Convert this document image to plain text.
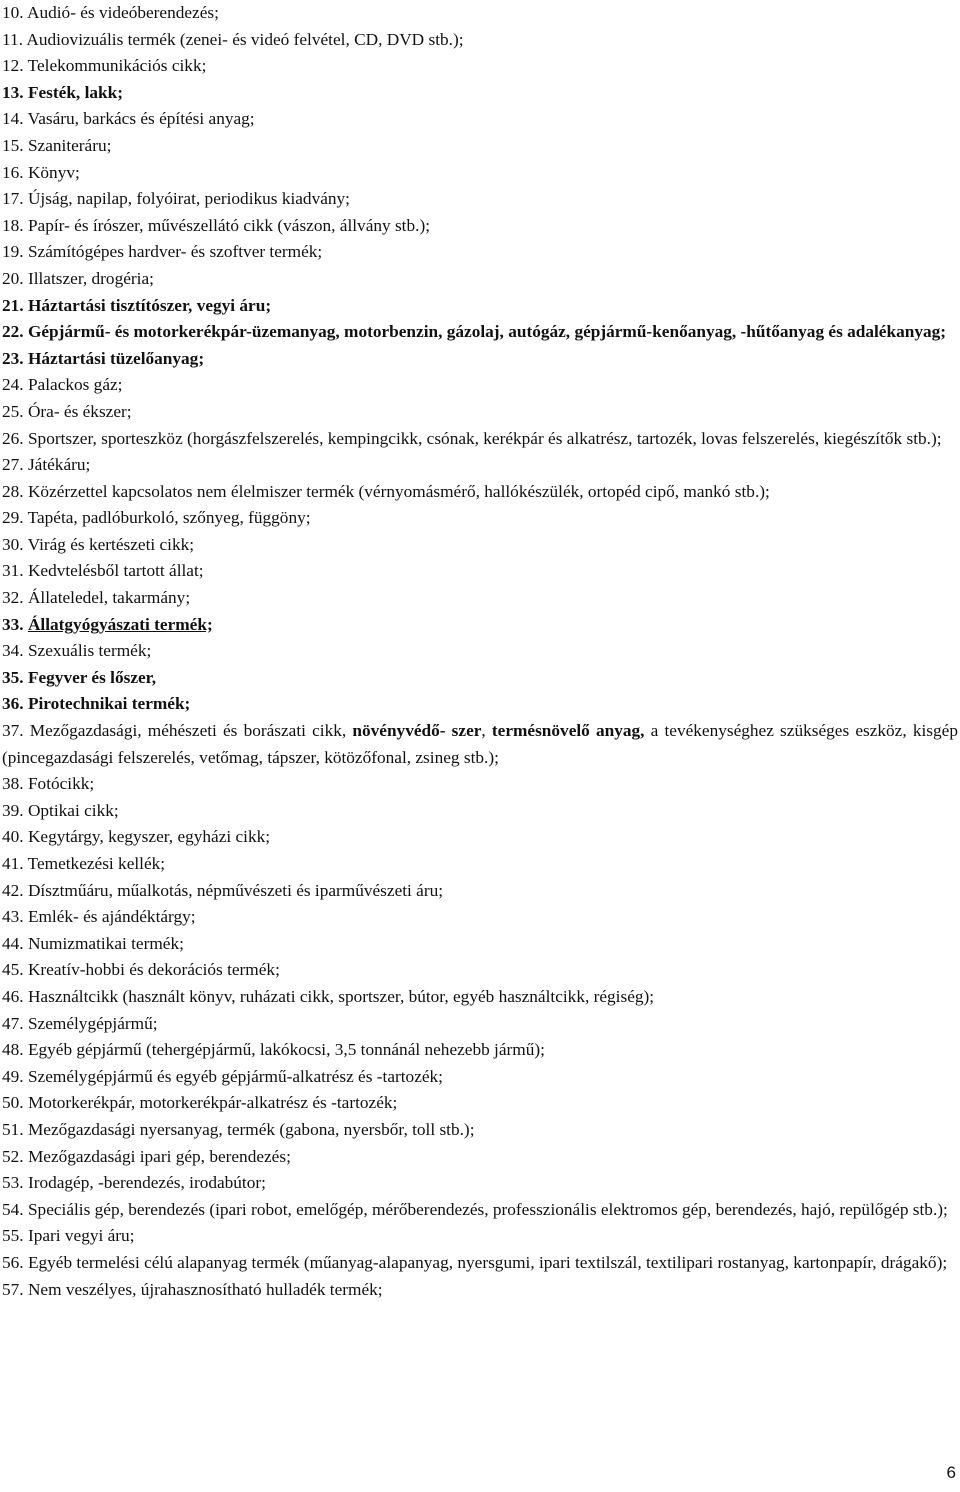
10. Audió- és videóberendezés;

11. Audiovizuális termék (zenei- és videó felvétel, CD, DVD stb.);

12. Telekommunikációs cikk;

13. Festék, lakk;

14. Vasáru, barkács és építési anyag;

15. Szaniteráru;

16. Könyv;

17. Újság, napilap, folyóirat, periodikus kiadvány;

18. Papír- és írószer, művészellátó cikk (vászon, állvány stb.);

19. Számítógépes hardver- és szoftver termék;

20. Illatszer, drogéria;

21. Háztartási tisztítószer, vegyi áru;

22. Gépjármű- és motorkerékpár-üzemanyag, motorbenzin, gázolaj, autógáz, gépjármű-kenőanyag, -hűtőanyag és adalékanyag;

23. Háztartási tüzelőanyag;

24. Palackos gáz;

25. Óra- és ékszer;

26. Sportszer, sporteszköz (horgászfelszerelés, kempingcikk, csónak, kerékpár és alkatrész, tartozék, lovas felszerelés, kiegészítők stb.);

27. Játékáru;

28. Közérzettel kapcsolatos nem élelmiszer termék (vérnyomásmérő, hallókészülék, ortopéd cipő, mankó stb.);

29. Tapéta, padlóburkoló, szőnyeg, függöny;

30. Virág és kertészeti cikk;

31. Kedvtelésből tartott állat;

32. Állateledel, takarmány;

33. Állatgyógyászati termék;

34. Szexuális termék;

35. Fegyver és lőszer,

36. Pirotechnikai termék;

37. Mezőgazdasági, méhészeti és borászati cikk, növényvédő- szer, termésnövelő anyag, a tevékenységhez szükséges eszköz, kisgép (pincegazdasági felszerelés, vetőmag, tápszer, kötözőfonal, zsineg stb.);

38. Fotócikk;

39. Optikai cikk;

40. Kegytárgy, kegyszer, egyházi cikk;

41. Temetkezési kellék;

42. Dísztműáru, műalkotás, népművészeti és iparművészeti áru;

43. Emlék- és ajándéktárgy;

44. Numizmatikai termék;

45. Kreatív-hobbi és dekorációs termék;

46. Használtcikk (használt könyv, ruházati cikk, sportszer, bútor, egyéb használtcikk, régiség);

47. Személygépjármű;

48. Egyéb gépjármű (tehergépjármű, lakókocsi, 3,5 tonnánál nehezebb jármű);

49. Személygépjármű és egyéb gépjármű-alkatrész és -tartozék;

50. Motorkerékpár, motorkerékpár-alkatrész és -tartozék;

51. Mezőgazdasági nyersanyag, termék (gabona, nyersbőr, toll stb.);

52. Mezőgazdasági ipari gép, berendezés;

53. Irodagép, -berendezés, irodabútor;

54. Speciális gép, berendezés (ipari robot, emelőgép, mérőberendezés, professzionális elektromos gép, berendezés, hajó, repülőgép stb.);

55. Ipari vegyi áru;

56. Egyéb termelési célú alapanyag termék (műanyag-alapanyag, nyersgumi, ipari textilszál, textilipari rostanyag, kartonpapír, drágakő);

57. Nem veszélyes, újrahasznosítható hulladék termék;

6
